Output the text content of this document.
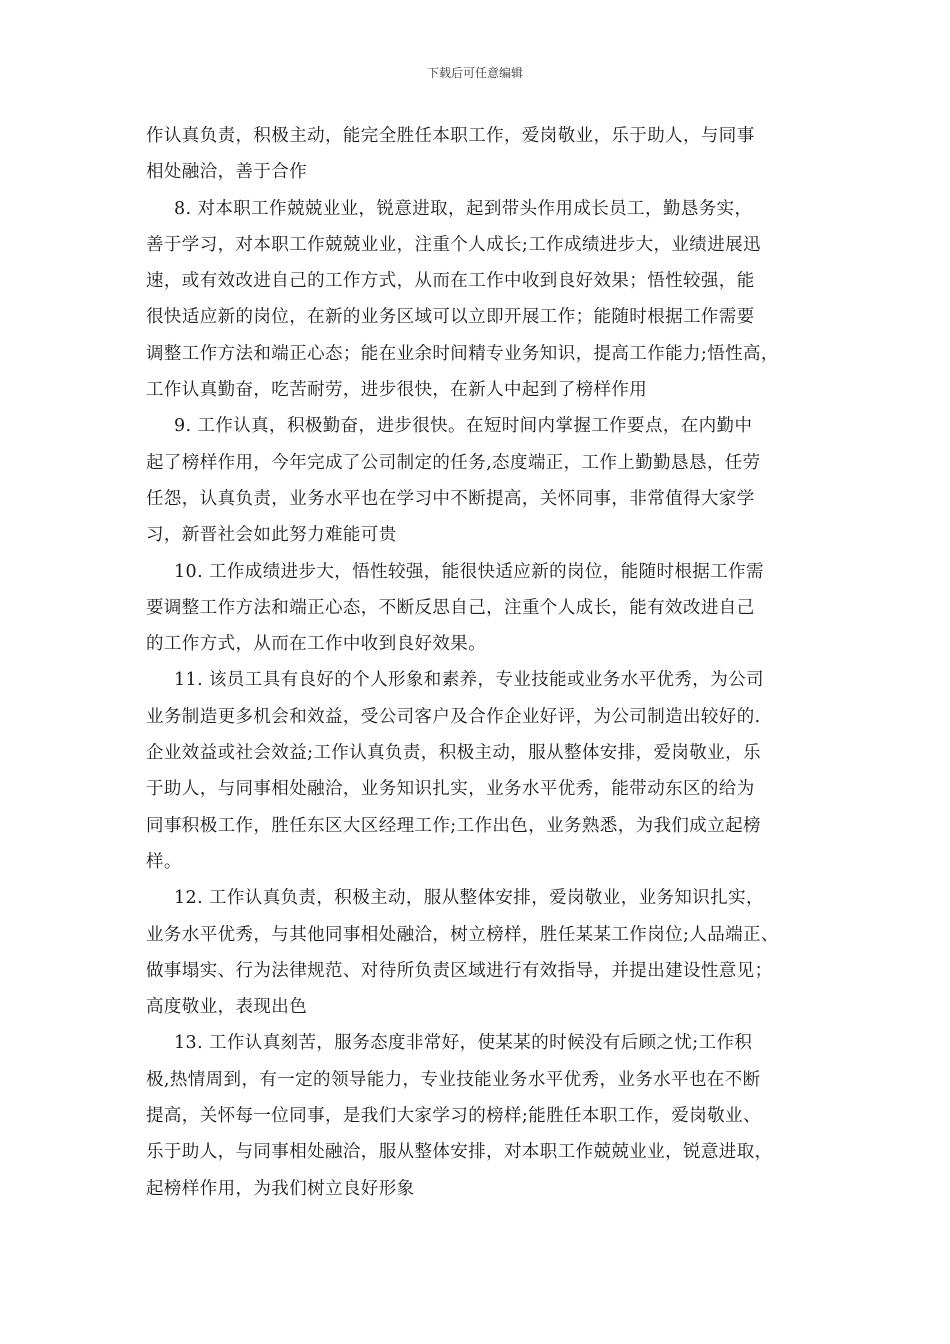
下载后可任意编辑
作认真负责，积极主动，能完全胜任本职工作，爱岗敬业，乐于助人，与同事
相处融洽，善于合作
8. 对本职工作兢兢业业，锐意进取，起到带头作用成长员工，勤恳务实，
善于学习，对本职工作兢兢业业，注重个人成长;工作成绩进步大，业绩进展迅
速，或有效改进自己的工作方式，从而在工作中收到良好效果；悟性较强，能
很快适应新的岗位，在新的业务区域可以立即开展工作；能随时根据工作需要
调整工作方法和端正心态；能在业余时间精专业务知识，提高工作能力;悟性高，
工作认真勤奋，吃苦耐劳，进步很快，在新人中起到了榜样作用
9. 工作认真，积极勤奋，进步很快。在短时间内掌握工作要点，在内勤中
起了榜样作用，今年完成了公司制定的任务,态度端正，工作上勤勤恳恳，任劳
任怨，认真负责，业务水平也在学习中不断提高，关怀同事，非常值得大家学
习，新晋社会如此努力难能可贵
10. 工作成绩进步大，悟性较强，能很快适应新的岗位，能随时根据工作需
要调整工作方法和端正心态，不断反思自己，注重个人成长，能有效改进自己
的工作方式，从而在工作中收到良好效果。
11. 该员工具有良好的个人形象和素养，专业技能或业务水平优秀，为公司
业务制造更多机会和效益，受公司客户及合作企业好评，为公司制造出较好的.
企业效益或社会效益;工作认真负责，积极主动，服从整体安排，爱岗敬业，乐
于助人，与同事相处融洽，业务知识扎实，业务水平优秀，能带动东区的给为
同事积极工作，胜任东区大区经理工作;工作出色，业务熟悉，为我们成立起榜
样。
12. 工作认真负责，积极主动，服从整体安排，爱岗敬业，业务知识扎实，
业务水平优秀，与其他同事相处融洽，树立榜样，胜任某某工作岗位;人品端正、
做事塌实、行为法律规范、对待所负责区域进行有效指导，并提出建设性意见；
高度敬业，表现出色
13. 工作认真刻苦，服务态度非常好，使某某的时候没有后顾之忧;工作积
极,热情周到，有一定的领导能力，专业技能业务水平优秀，业务水平也在不断
提高，关怀每一位同事，是我们大家学习的榜样;能胜任本职工作，爱岗敬业、
乐于助人，与同事相处融洽，服从整体安排，对本职工作兢兢业业，锐意进取，
起榜样作用，为我们树立良好形象
